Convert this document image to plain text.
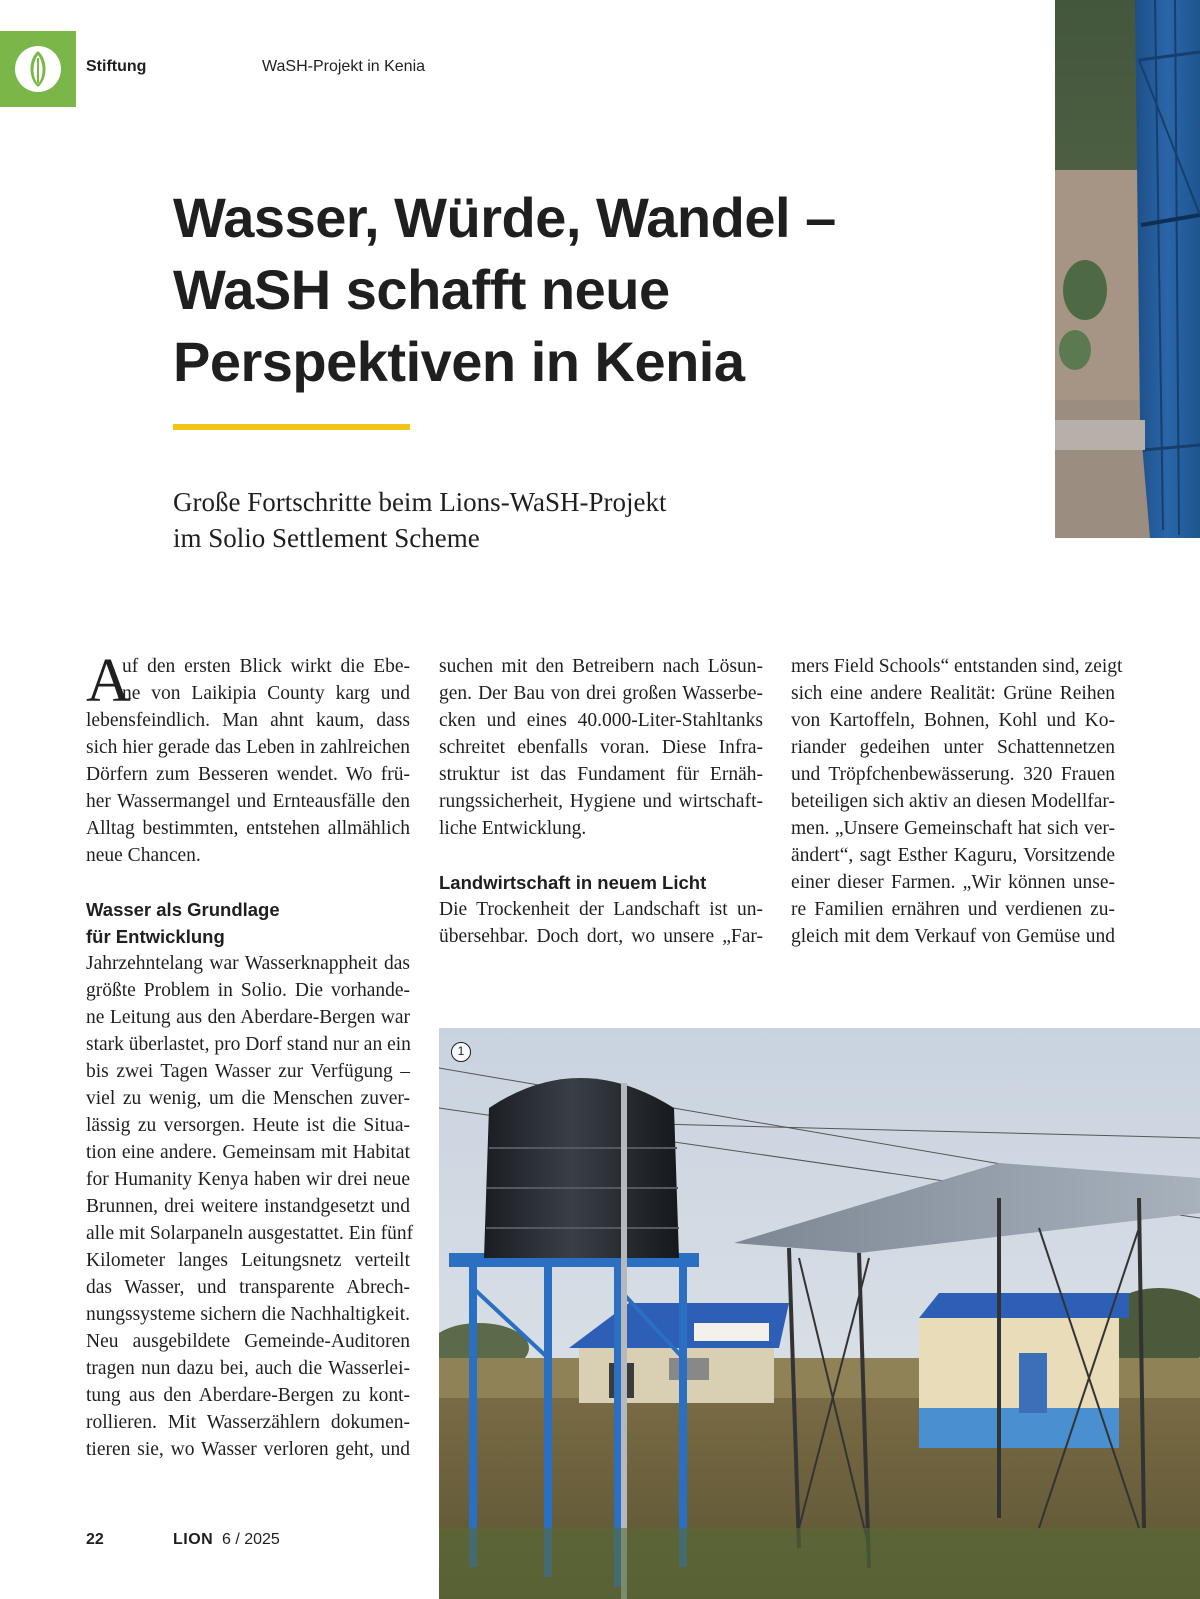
Stiftung	WaSH-Projekt in Kenia
Wasser, Würde, Wandel –
WaSH schafft neue
Perspektiven in Kenia
Große Fortschritte beim Lions-WaSH-Projekt
im Solio Settlement Scheme
A
uf den ersten Blick wirkt die Ebe-
ne von Laikipia County karg und
lebensfeindlich. Man ahnt kaum, dass
sich hier gerade das Leben in zahlreichen
Dörfern zum Besseren wendet. Wo frü-
her Wassermangel und Ernteausfälle den
Alltag bestimmten, entstehen allmählich
neue Chancen.
Wasser als Grundlage
für Entwicklung
Jahrzehntelang war Wasserknappheit das
größte Problem in Solio. Die vorhande-
ne Leitung aus den Aberdare-Bergen war
stark überlastet, pro Dorf stand nur an ein
bis zwei Tagen Wasser zur Verfügung –
viel zu wenig, um die Menschen zuver-
lässig zu versorgen. Heute ist die Situa-
tion eine andere. Gemeinsam mit Habitat
for Humanity Kenya haben wir drei neue
Brunnen, drei weitere instandgesetzt und
alle mit Solarpaneln ausgestattet. Ein fünf
Kilometer langes Leitungsnetz verteilt
das Wasser, und transparente Abrech-
nungssysteme sichern die Nachhaltigkeit.
Neu ausgebildete Gemeinde-Auditoren
tragen nun dazu bei, auch die Wasserlei-
tung aus den Aberdare-Bergen zu kont-
rollieren. Mit Wasserzählern dokumen-
tieren sie, wo Wasser verloren geht, und
suchen mit den Betreibern nach Lösun-
gen. Der Bau von drei großen Wasserbe-
cken und eines 40.000-Liter-Stahltanks
schreitet ebenfalls voran. Diese Infra-
struktur ist das Fundament für Ernäh-
rungssicherheit, Hygiene und wirtschaft-
liche Entwicklung.
Landwirtschaft in neuem Licht
Die Trockenheit der Landschaft ist un-
übersehbar. Doch dort, wo unsere „Far-
mers Field Schools“ entstanden sind, zeigt
sich eine andere Realität: Grüne Reihen
von Kartoffeln, Bohnen, Kohl und Ko-
riander gedeihen unter Schattennetzen
und Tröpfchenbewässerung. 320 Frauen
beteiligen sich aktiv an diesen Modellfar-
men. „Unsere Gemeinschaft hat sich ver-
ändert“, sagt Esther Kaguru, Vorsitzende
einer dieser Farmen. „Wir können unse-
re Familien ernähren und verdienen zu-
gleich mit dem Verkauf von Gemüse und
1
22	LION 6 / 2025
